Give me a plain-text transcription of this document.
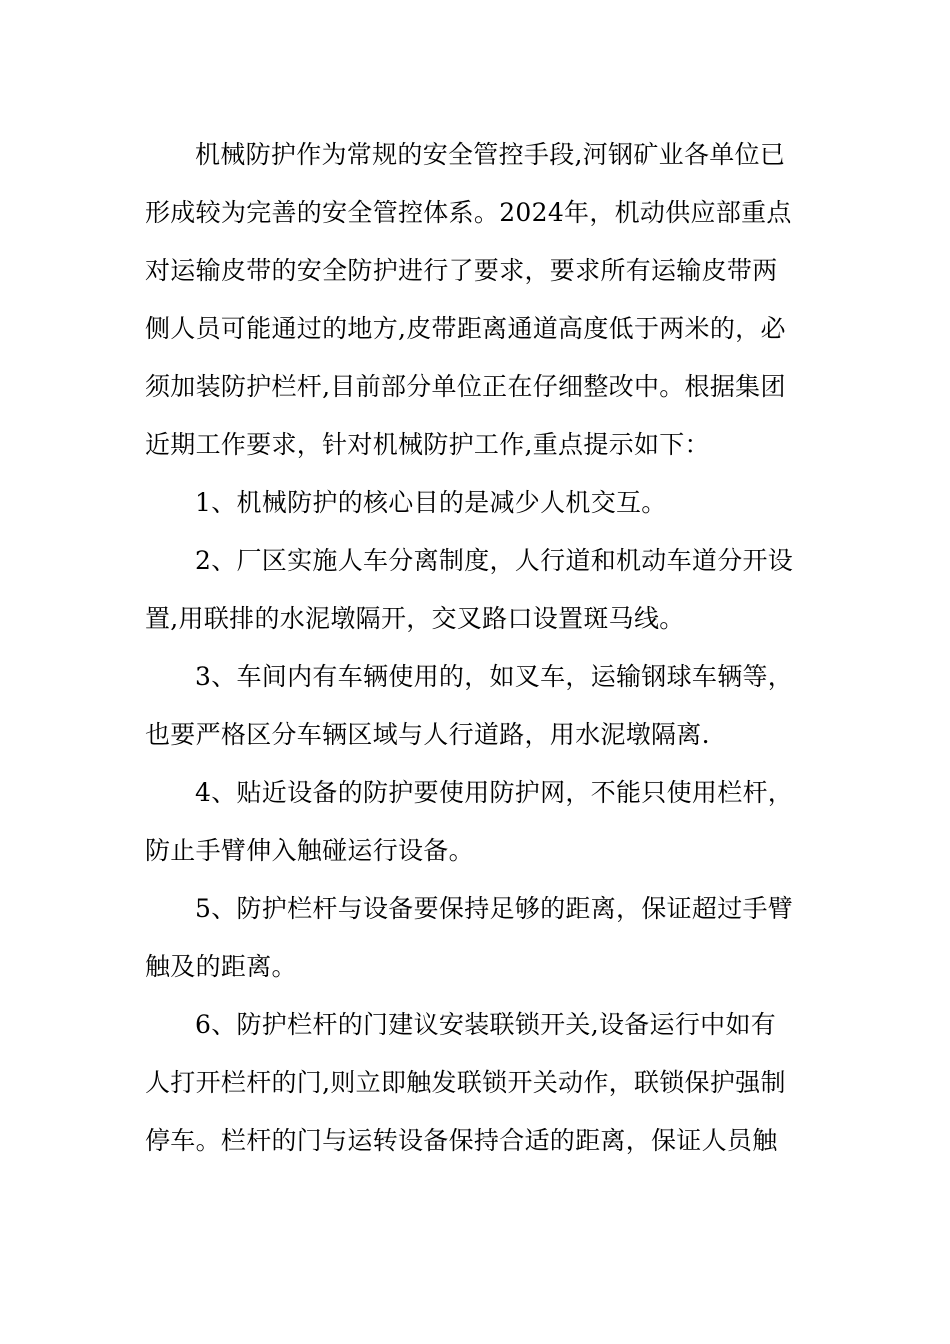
机械防护作为常规的安全管控手段,河钢矿业各单位已
形成较为完善的安全管控体系。2024年，机动供应部重点
对运输皮带的安全防护进行了要求，要求所有运输皮带两
侧人员可能通过的地方,皮带距离通道高度低于两米的，必
须加装防护栏杆,目前部分单位正在仔细整改中。根据集团
近期工作要求，针对机械防护工作,重点提示如下：
1、机械防护的核心目的是减少人机交互。
2、厂区实施人车分离制度，人行道和机动车道分开设
置,用联排的水泥墩隔开，交叉路口设置斑马线。
3、车间内有车辆使用的，如叉车，运输钢球车辆等，
也要严格区分车辆区域与人行道路，用水泥墩隔离.
4、贴近设备的防护要使用防护网，不能只使用栏杆，
防止手臂伸入触碰运行设备。
5、防护栏杆与设备要保持足够的距离，保证超过手臂
触及的距离。
6、防护栏杆的门建议安装联锁开关,设备运行中如有
人打开栏杆的门,则立即触发联锁开关动作，联锁保护强制
停车。栏杆的门与运转设备保持合适的距离，保证人员触
